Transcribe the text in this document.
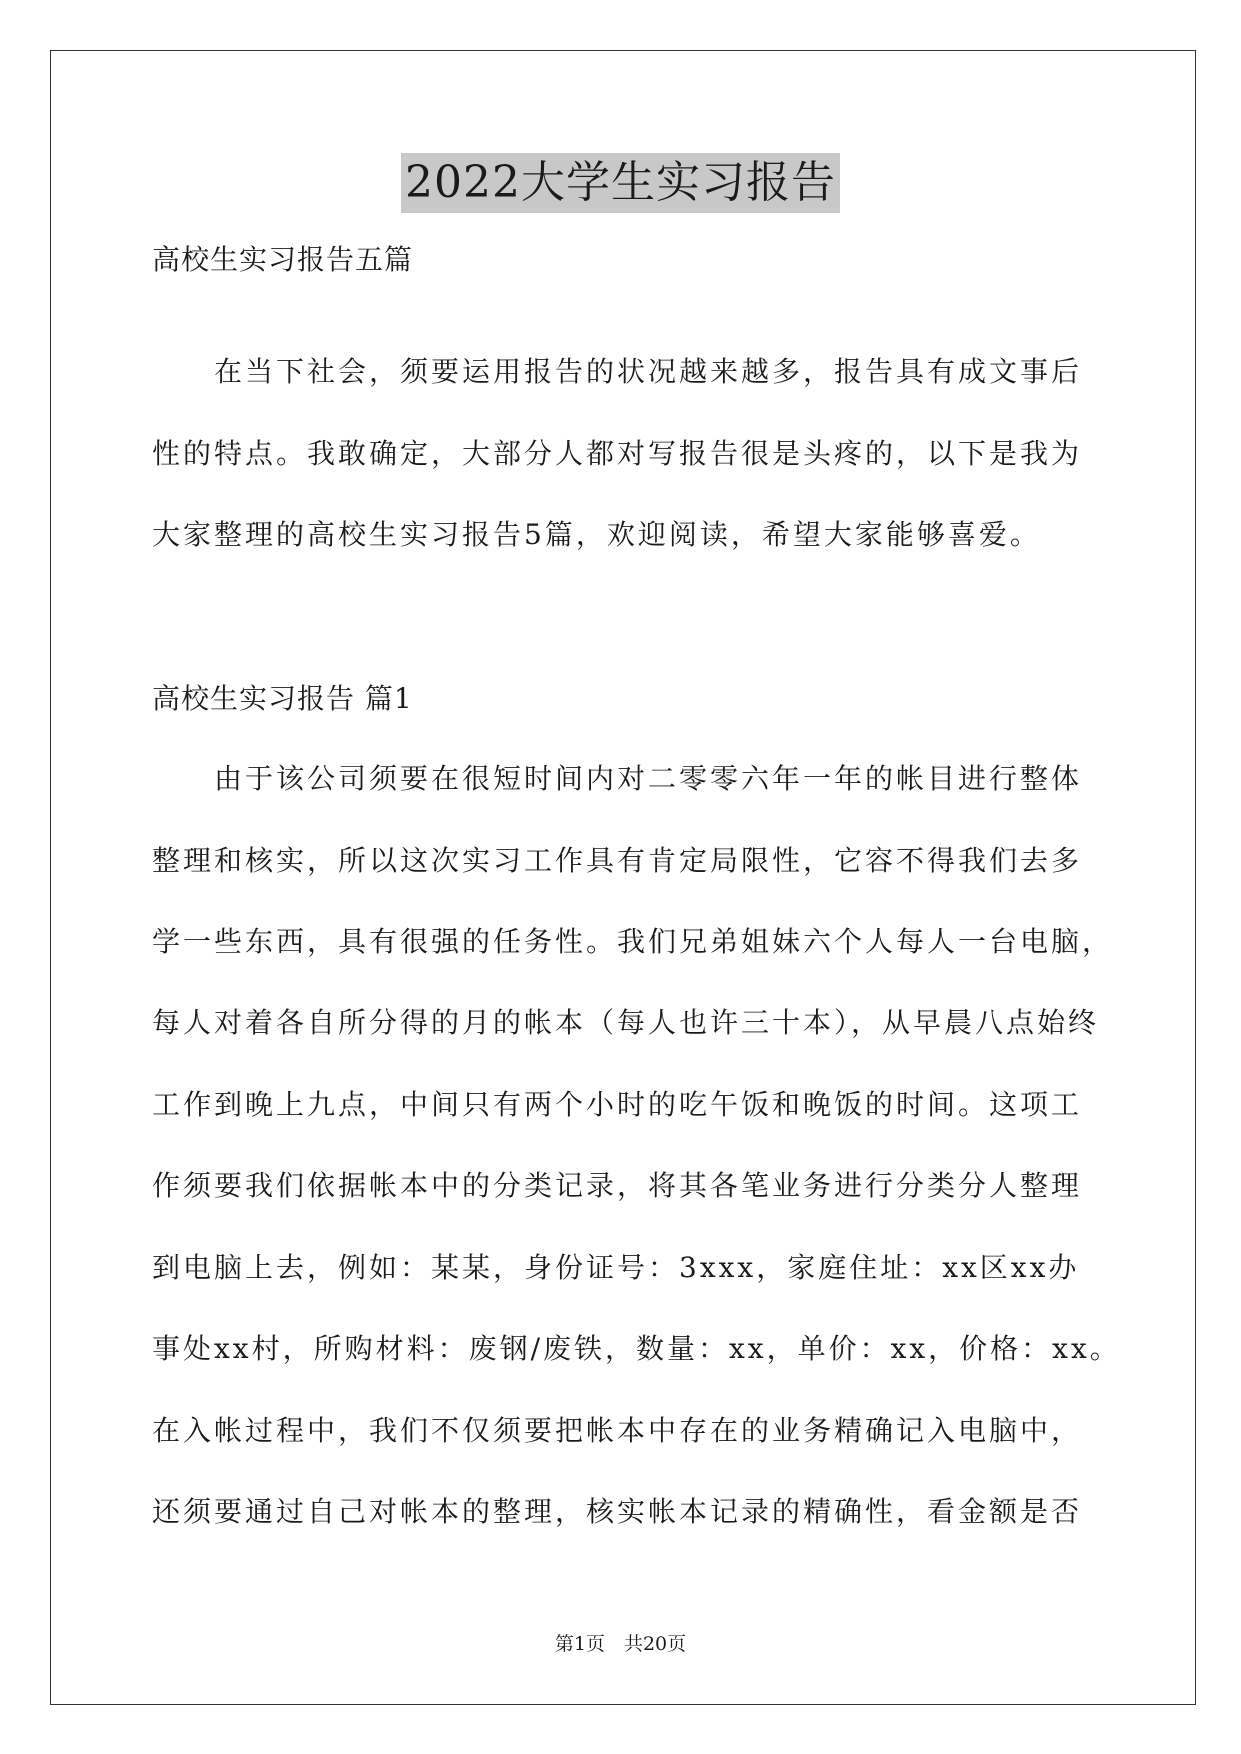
2022大学生实习报告

高校生实习报告五篇

在当下社会，须要运用报告的状况越来越多，报告具有成文事后

性的特点。我敢确定，大部分人都对写报告很是头疼的，以下是我为

大家整理的高校生实习报告5篇，欢迎阅读，希望大家能够喜爱。

高校生实习报告 篇1

由于该公司须要在很短时间内对二零零六年一年的帐目进行整体

整理和核实，所以这次实习工作具有肯定局限性，它容不得我们去多

学一些东西，具有很强的任务性。我们兄弟姐妹六个人每人一台电脑，

每人对着各自所分得的月的帐本（每人也许三十本），从早晨八点始终

工作到晚上九点，中间只有两个小时的吃午饭和晚饭的时间。这项工

作须要我们依据帐本中的分类记录，将其各笔业务进行分类分人整理

到电脑上去，例如：某某，身份证号：3xxx，家庭住址：xx区xx办

事处xx村，所购材料：废钢/废铁，数量：xx，单价：xx，价格：xx。

在入帐过程中，我们不仅须要把帐本中存在的业务精确记入电脑中，

还须要通过自己对帐本的整理，核实帐本记录的精确性，看金额是否

第1页　共20页
